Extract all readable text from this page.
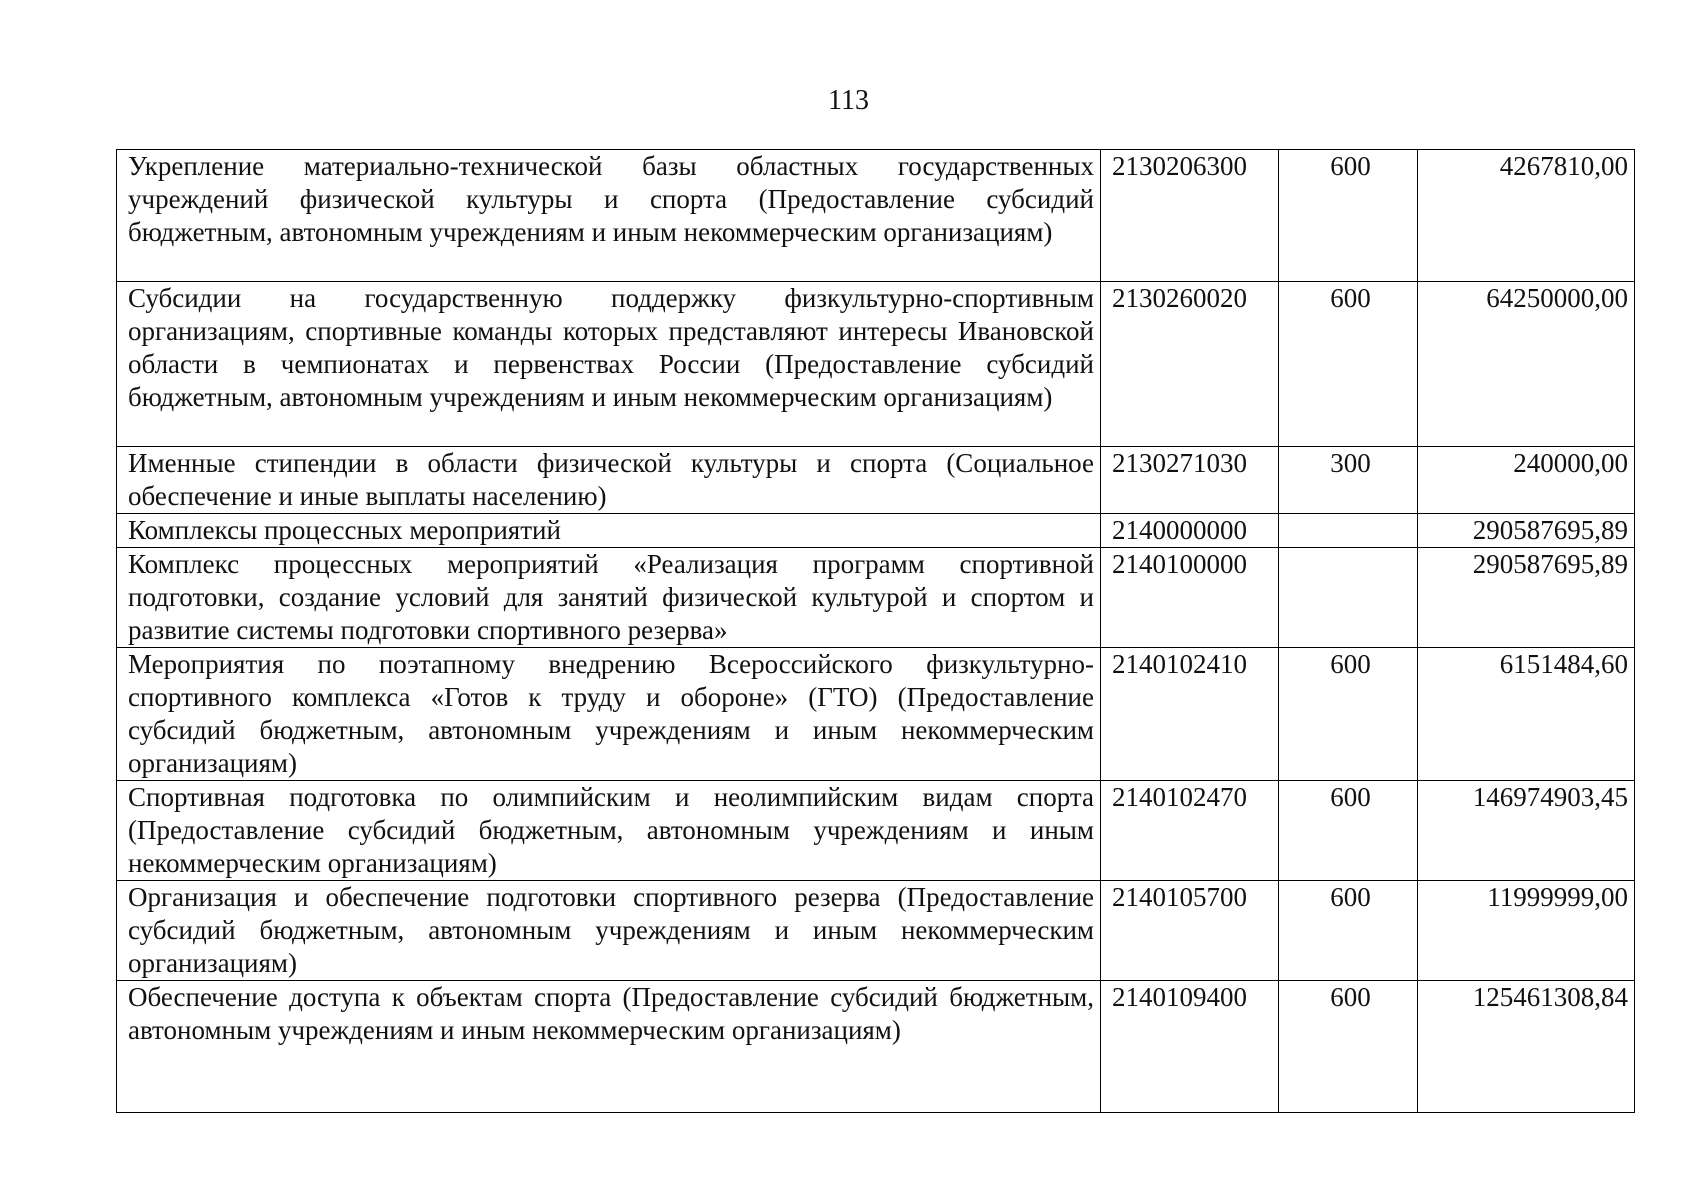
113
Укрепление материально-технической базы областных государственных учреждений физической культуры и спорта (Предоставление субсидий бюджетным, автономным учреждениям и иным некоммерческим организациям)	2130206300	600	4267810,00
Субсидии на государственную поддержку физкультурно-спортивным организациям, спортивные команды которых представляют интересы Ивановской области в чемпионатах и первенствах России (Предоставление субсидий бюджетным, автономным учреждениям и иным некоммерческим организациям)	2130260020	600	64250000,00
Именные стипендии в области физической культуры и спорта (Социальное обеспечение и иные выплаты населению)	2130271030	300	240000,00
Комплексы процессных мероприятий	2140000000		290587695,89
Комплекс процессных мероприятий «Реализация программ спортивной подготовки, создание условий для занятий физической культурой и спортом и развитие системы подготовки спортивного резерва»	2140100000		290587695,89
Мероприятия по поэтапному внедрению Всероссийского физкультурно-спортивного комплекса «Готов к труду и обороне» (ГТО) (Предоставление субсидий бюджетным, автономным учреждениям и иным некоммерческим организациям)	2140102410	600	6151484,60
Спортивная подготовка по олимпийским и неолимпийским видам спорта (Предоставление субсидий бюджетным, автономным учреждениям и иным некоммерческим организациям)	2140102470	600	146974903,45
Организация и обеспечение подготовки спортивного резерва (Предоставление субсидий бюджетным, автономным учреждениям и иным некоммерческим организациям)	2140105700	600	11999999,00
Обеспечение доступа к объектам спорта (Предоставление субсидий бюджетным, автономным учреждениям и иным некоммерческим организациям)	2140109400	600	125461308,84
